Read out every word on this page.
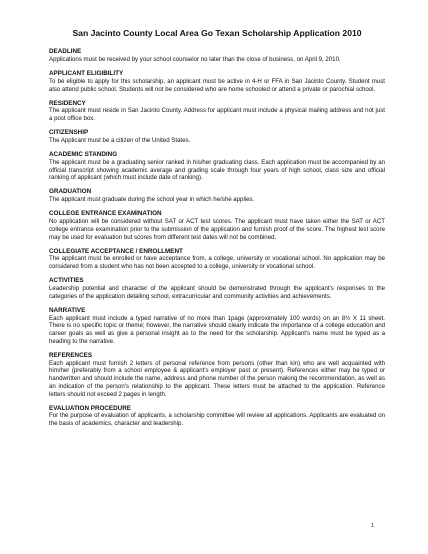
San Jacinto County Local Area Go Texan Scholarship Application 2010

DEADLINE

Applications must be received by your school counselor no later than the close of business, on April 9, 2010.

APPLICANT ELIGIBILITY

To be eligible to apply for this scholarship, an applicant must be active in 4-H or FFA in San Jacinto County. Student must also attend public school. Students will not be considered who are home schooled or attend a private or parochial school.

RESIDENCY

The applicant must reside in San Jacinto County. Address for applicant must include a physical mailing address and not just a post office box.

CITIZENSHIP

The Applicant must be a citizen of the United States.

ACADEMIC STANDING

The applicant must be a graduating senior ranked in his/her graduating class. Each application must be accompanied by an official transcript showing academic average and grading scale through four years of high school, class size and official ranking of applicant (which must include date of ranking).

GRADUATION

The applicant must graduate during the school year in which he/she applies.

COLLEGE ENTRANCE EXAMINATION

No application will be considered without SAT or ACT test scores. The applicant must have taken either the SAT or ACT college entrance examination prior to the submission of the application and furnish proof of the score. The highest test score may be used for evaluation but scores from different test dates will not be combined.

COLLEGIATE ACCEPTANCE / ENROLLMENT

The applicant must be enrolled or have acceptance from, a college, university or vocational school. No application may be considered from a student who has not been accepted to a college, university or vocational school.

ACTIVITIES

Leadership potential and character of the applicant should be demonstrated through the applicant's responses to the categories of the application detailing school, extracurricular and community activities and achievements.

NARRATIVE

Each applicant must include a typed narrative of no more than 1page (approximately 100 words) on an 8½ X 11 sheet. There is no specific topic or theme; however, the narrative should clearly indicate the importance of a college education and career goals as well as give a personal insight as to the need for the scholarship. Applicant's name must be typed as a heading to the narrative.

REFERENCES

Each applicant must furnish 2 letters of personal reference from persons (other than kin) who are well acquainted with him/her (preferably from a school employee & applicant's employer past or present). References either may be typed or handwritten and should include the name, address and phone number of the person making the recommendation, as well as an indication of the person's relationship to the applicant. These letters must be attached to the application. Reference letters should not exceed 2 pages in length.

EVALUATION PROCEDURE

For the purpose of evaluation of applicants, a scholarship committee will review all applications. Applicants are evaluated on the basis of academics, character and leadership.

1
